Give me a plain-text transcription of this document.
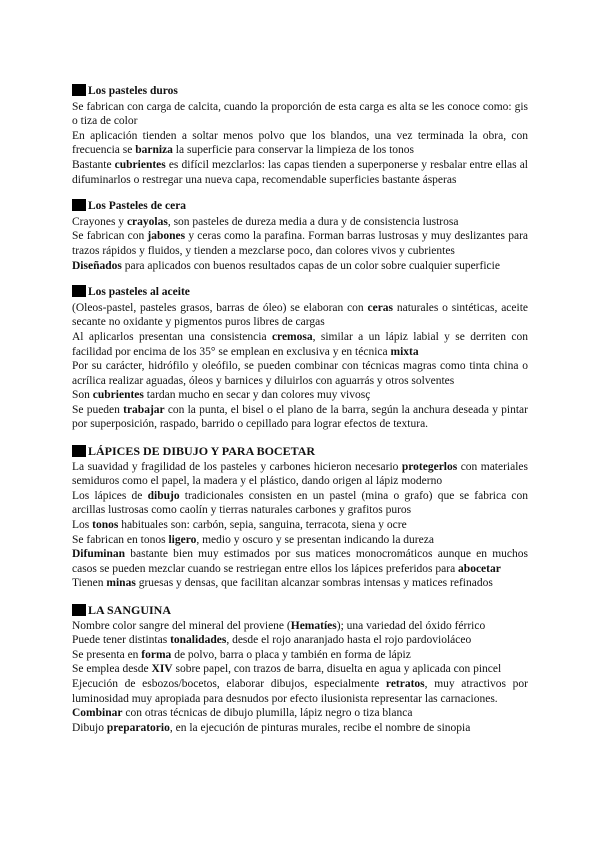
Los pasteles duros

Se fabrican con carga de calcita, cuando la proporción de esta carga es alta se les conoce como: gis o tiza de color

En aplicación tienden a soltar menos polvo que los blandos, una vez terminada la obra, con frecuencia se barniza la superficie para conservar la limpieza de los tonos

Bastante cubrientes es difícil mezclarlos: las capas tienden a superponerse y resbalar entre ellas al difuminarlos o restregar una nueva capa, recomendable superficies bastante ásperas

Los Pasteles de cera

Crayones y crayolas, son pasteles de dureza media a dura y de consistencia lustrosa

Se fabrican con jabones y ceras como la parafina. Forman barras lustrosas y muy deslizantes para trazos rápidos y fluidos, y tienden a mezclarse poco, dan colores vivos y cubrientes

Diseñados para aplicados con buenos resultados capas de un color sobre cualquier superficie

Los pasteles al aceite

(Oleos-pastel, pasteles grasos, barras de óleo) se elaboran con ceras naturales o sintéticas, aceite secante no oxidante y pigmentos puros libres de cargas

Al aplicarlos presentan una consistencia cremosa, similar a un lápiz labial y se derriten con facilidad por encima de los 35° se emplean en exclusiva y en técnica mixta

Por su carácter, hidrófilo y oleófilo, se pueden combinar con técnicas magras como tinta china o acrílica realizar aguadas, óleos y barnices y diluirlos con aguarrás y otros solventes

Son cubrientes tardan mucho en secar y dan colores muy vivosç

Se pueden trabajar con la punta, el bisel o el plano de la barra, según la anchura deseada y pintar por superposición, raspado, barrido o cepillado para lograr efectos de textura.

LÁPICES DE DIBUJO Y PARA BOCETAR

La suavidad y fragilidad de los pasteles y carbones hicieron necesario protegerlos con materiales semiduros como el papel, la madera y el plástico, dando origen al lápiz moderno

Los lápices de dibujo tradicionales consisten en un pastel (mina o grafo) que se fabrica con arcillas lustrosas como caolín y tierras naturales carbones y grafitos puros

Los tonos habituales son: carbón, sepia, sanguina, terracota, siena y ocre

Se fabrican en tonos ligero, medio y oscuro y se presentan indicando la dureza

Difuminan bastante bien muy estimados por sus matices monocromáticos aunque en muchos casos se pueden mezclar cuando se restriegan entre ellos los lápices preferidos para abocetar

Tienen minas gruesas y densas, que facilitan alcanzar sombras intensas y matices refinados

LA SANGUINA

Nombre color sangre del mineral del proviene (Hematíes); una variedad del óxido férrico

Puede tener distintas tonalidades, desde el rojo anaranjado hasta el rojo pardovioláceo

Se presenta en forma de polvo, barra o placa y también en forma de lápiz

Se emplea desde XIV sobre papel, con trazos de barra, disuelta en agua y aplicada con pincel

Ejecución de esbozos/bocetos, elaborar dibujos, especialmente retratos, muy atractivos por luminosidad muy apropiada para desnudos por efecto ilusionista representar las carnaciones.

Combinar con otras técnicas de dibujo plumilla, lápiz negro o tiza blanca

Dibujo preparatorio, en la ejecución de pinturas murales, recibe el nombre de sinopia
